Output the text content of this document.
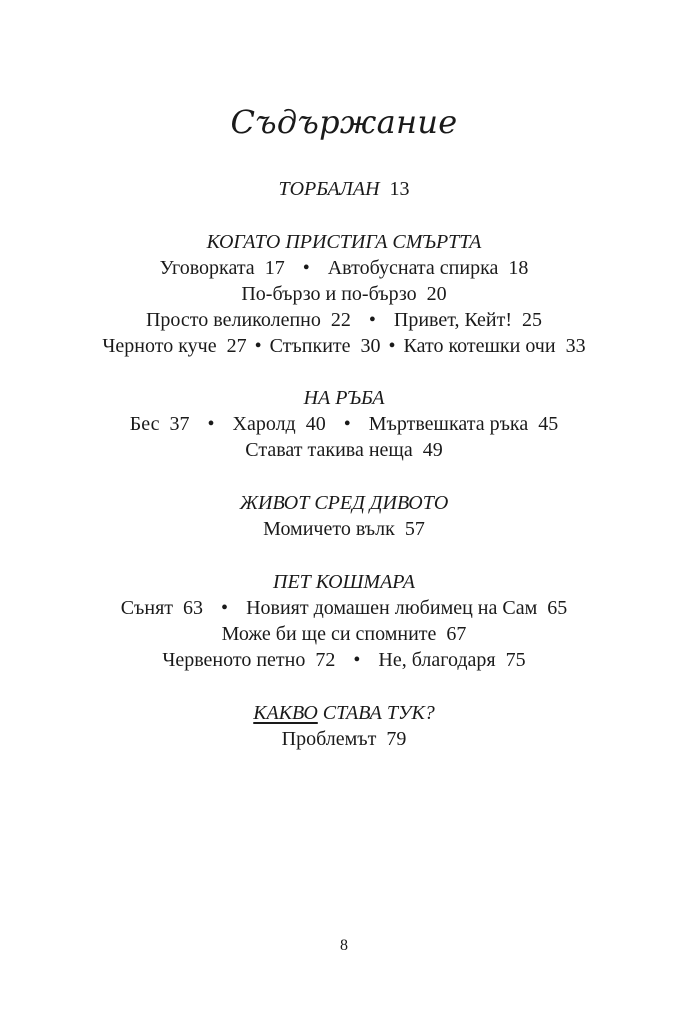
Съдържание
ТОРБАЛАН 13
КОГАТО ПРИСТИГА СМЪРТТА
Уговорката 17 • Автобусната спирка 18
По-бързо и по-бързо 20
Просто великолепно 22 • Привет, Кейт! 25
Черното куче 27 • Стъпките 30 • Като котешки очи 33
НА РЪБА
Бес 37 • Харолд 40 • Мъртвешката ръка 45
Стават такива неща 49
ЖИВОТ СРЕД ДИВОТО
Момичето вълк 57
ПЕТ КОШМАРА
Сънят 63 • Новият домашен любимец на Сам 65
Може би ще си спомните 67
Червеното петно 72 • Не, благодаря 75
КАКВО СТАВА ТУК?
Проблемът 79
8
